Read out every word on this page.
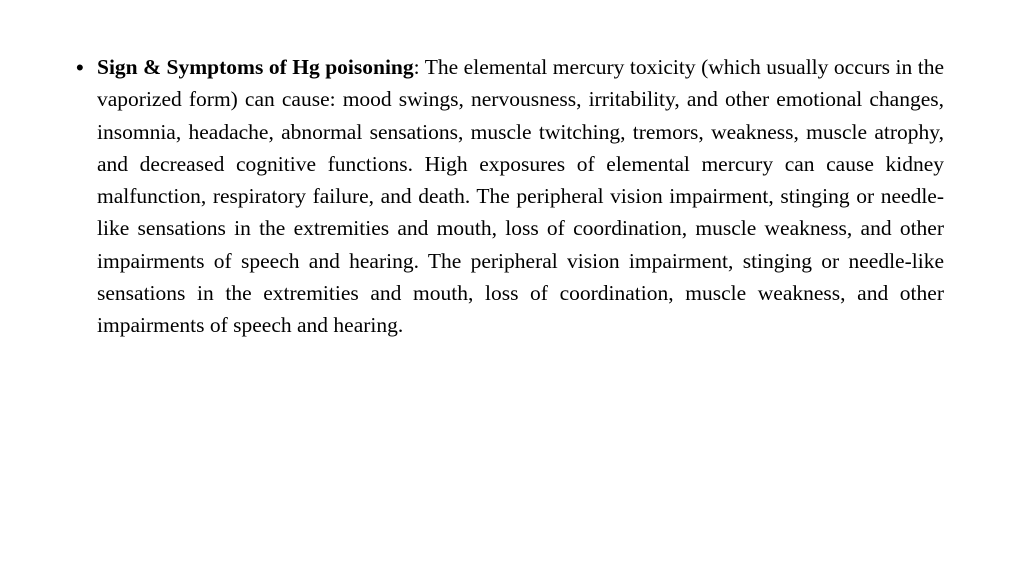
• Sign & Symptoms of Hg poisoning: The elemental mercury toxicity (which usually occurs in the vaporized form) can cause: mood swings, nervousness, irritability, and other emotional changes, insomnia, headache, abnormal sensations, muscle twitching, tremors, weakness, muscle atrophy, and decreased cognitive functions. High exposures of elemental mercury can cause kidney malfunction, respiratory failure, and death. The peripheral vision impairment, stinging or needle-like sensations in the extremities and mouth, loss of coordination, muscle weakness, and other impairments of speech and hearing. The peripheral vision impairment, stinging or needle-like sensations in the extremities and mouth, loss of coordination, muscle weakness, and other impairments of speech and hearing.
